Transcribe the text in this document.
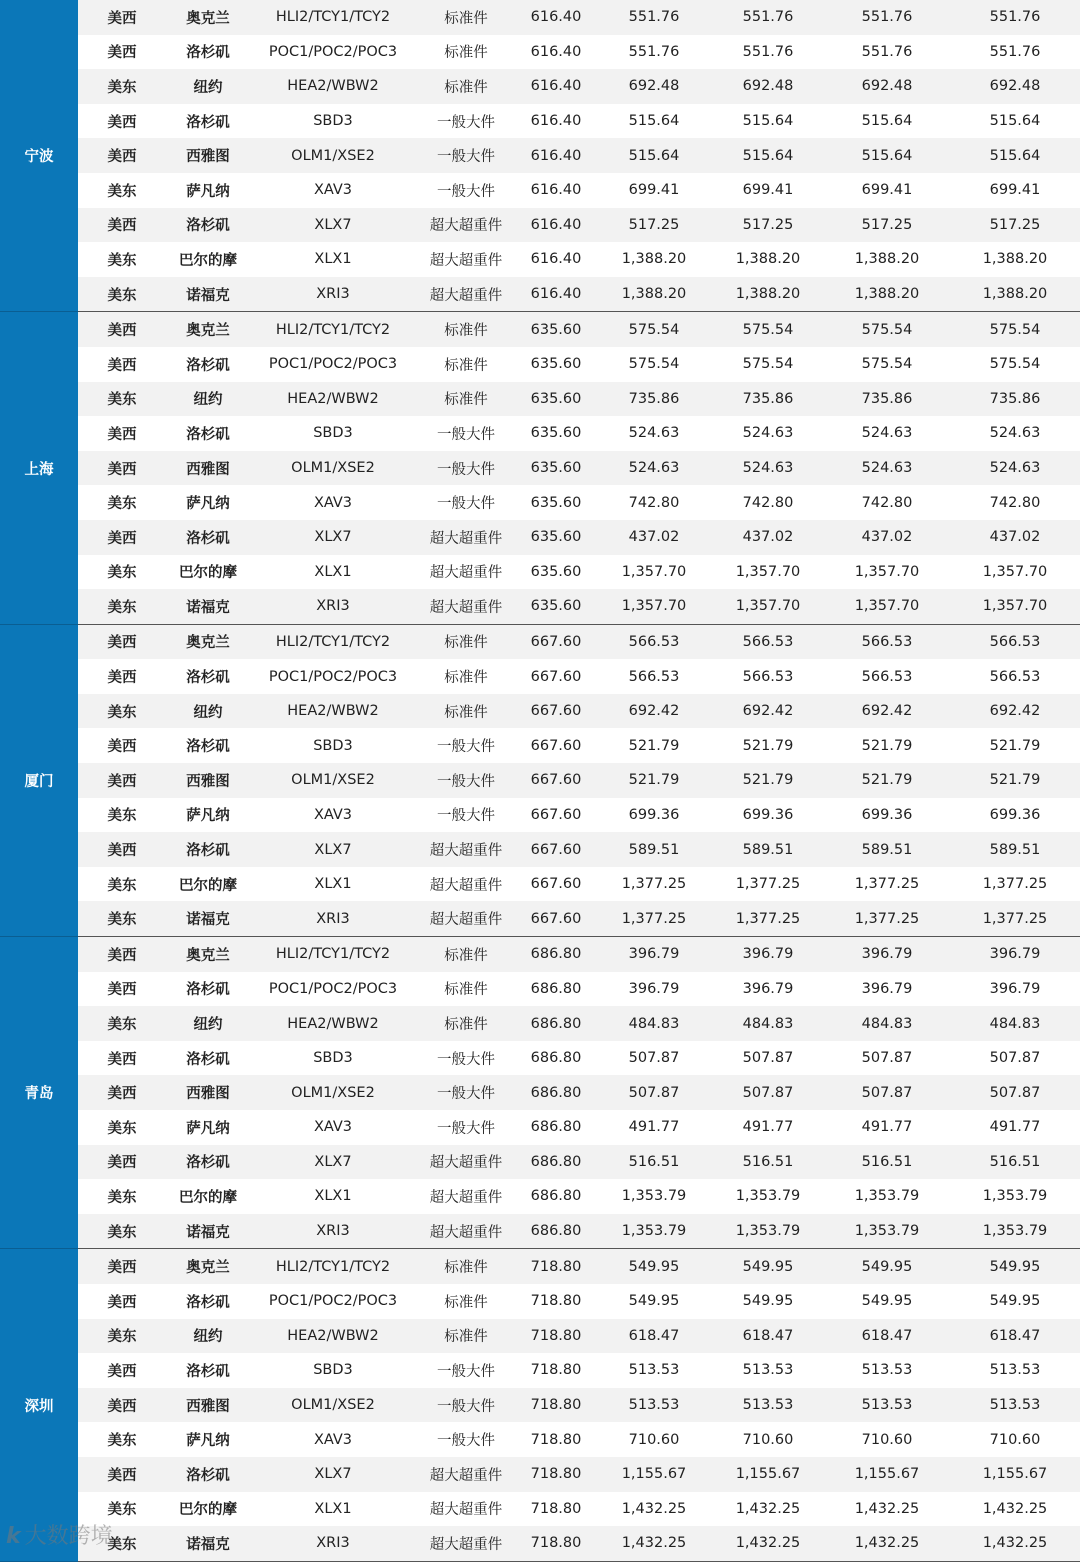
宁波	美西	奥克兰	HLI2/TCY1/TCY2	标准件	616.40	551.76	551.76	551.76	551.76
	美西	洛杉矶	POC1/POC2/POC3	标准件	616.40	551.76	551.76	551.76	551.76
	美东	纽约	HEA2/WBW2	标准件	616.40	692.48	692.48	692.48	692.48
	美西	洛杉矶	SBD3	一般大件	616.40	515.64	515.64	515.64	515.64
	美西	西雅图	OLM1/XSE2	一般大件	616.40	515.64	515.64	515.64	515.64
	美东	萨凡纳	XAV3	一般大件	616.40	699.41	699.41	699.41	699.41
	美西	洛杉矶	XLX7	超大超重件	616.40	517.25	517.25	517.25	517.25
	美东	巴尔的摩	XLX1	超大超重件	616.40	1,388.20	1,388.20	1,388.20	1,388.20
	美东	诺福克	XRI3	超大超重件	616.40	1,388.20	1,388.20	1,388.20	1,388.20
上海	美西	奥克兰	HLI2/TCY1/TCY2	标准件	635.60	575.54	575.54	575.54	575.54
	美西	洛杉矶	POC1/POC2/POC3	标准件	635.60	575.54	575.54	575.54	575.54
	美东	纽约	HEA2/WBW2	标准件	635.60	735.86	735.86	735.86	735.86
	美西	洛杉矶	SBD3	一般大件	635.60	524.63	524.63	524.63	524.63
	美西	西雅图	OLM1/XSE2	一般大件	635.60	524.63	524.63	524.63	524.63
	美东	萨凡纳	XAV3	一般大件	635.60	742.80	742.80	742.80	742.80
	美西	洛杉矶	XLX7	超大超重件	635.60	437.02	437.02	437.02	437.02
	美东	巴尔的摩	XLX1	超大超重件	635.60	1,357.70	1,357.70	1,357.70	1,357.70
	美东	诺福克	XRI3	超大超重件	635.60	1,357.70	1,357.70	1,357.70	1,357.70
厦门	美西	奥克兰	HLI2/TCY1/TCY2	标准件	667.60	566.53	566.53	566.53	566.53
	美西	洛杉矶	POC1/POC2/POC3	标准件	667.60	566.53	566.53	566.53	566.53
	美东	纽约	HEA2/WBW2	标准件	667.60	692.42	692.42	692.42	692.42
	美西	洛杉矶	SBD3	一般大件	667.60	521.79	521.79	521.79	521.79
	美西	西雅图	OLM1/XSE2	一般大件	667.60	521.79	521.79	521.79	521.79
	美东	萨凡纳	XAV3	一般大件	667.60	699.36	699.36	699.36	699.36
	美西	洛杉矶	XLX7	超大超重件	667.60	589.51	589.51	589.51	589.51
	美东	巴尔的摩	XLX1	超大超重件	667.60	1,377.25	1,377.25	1,377.25	1,377.25
	美东	诺福克	XRI3	超大超重件	667.60	1,377.25	1,377.25	1,377.25	1,377.25
青岛	美西	奥克兰	HLI2/TCY1/TCY2	标准件	686.80	396.79	396.79	396.79	396.79
	美西	洛杉矶	POC1/POC2/POC3	标准件	686.80	396.79	396.79	396.79	396.79
	美东	纽约	HEA2/WBW2	标准件	686.80	484.83	484.83	484.83	484.83
	美西	洛杉矶	SBD3	一般大件	686.80	507.87	507.87	507.87	507.87
	美西	西雅图	OLM1/XSE2	一般大件	686.80	507.87	507.87	507.87	507.87
	美东	萨凡纳	XAV3	一般大件	686.80	491.77	491.77	491.77	491.77
	美西	洛杉矶	XLX7	超大超重件	686.80	516.51	516.51	516.51	516.51
	美东	巴尔的摩	XLX1	超大超重件	686.80	1,353.79	1,353.79	1,353.79	1,353.79
	美东	诺福克	XRI3	超大超重件	686.80	1,353.79	1,353.79	1,353.79	1,353.79
深圳	美西	奥克兰	HLI2/TCY1/TCY2	标准件	718.80	549.95	549.95	549.95	549.95
	美西	洛杉矶	POC1/POC2/POC3	标准件	718.80	549.95	549.95	549.95	549.95
	美东	纽约	HEA2/WBW2	标准件	718.80	618.47	618.47	618.47	618.47
	美西	洛杉矶	SBD3	一般大件	718.80	513.53	513.53	513.53	513.53
	美西	西雅图	OLM1/XSE2	一般大件	718.80	513.53	513.53	513.53	513.53
	美东	萨凡纳	XAV3	一般大件	718.80	710.60	710.60	710.60	710.60
	美西	洛杉矶	XLX7	超大超重件	718.80	1,155.67	1,155.67	1,155.67	1,155.67
	美东	巴尔的摩	XLX1	超大超重件	718.80	1,432.25	1,432.25	1,432.25	1,432.25
	美东	诺福克	XRI3	超大超重件	718.80	1,432.25	1,432.25	1,432.25	1,432.25
k 大数跨境
